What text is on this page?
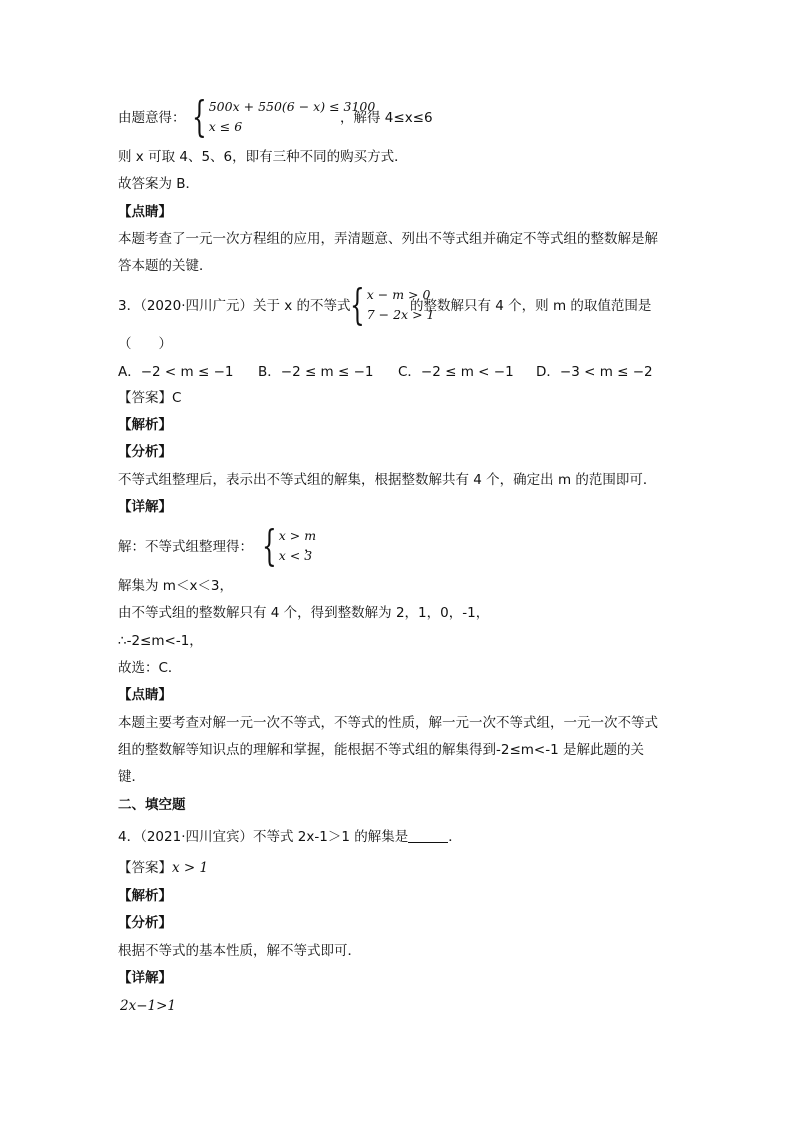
由题意得： { 500x + 550(6 − x) ≤ 3100
x ≤ 6
，解得 4≤x≤6
则 x 可取 4、5、6，即有三种不同的购买方式．
故答案为 B．
【点睛】
本题考查了一元一次方程组的应用，弄清题意、列出不等式组并确定不等式组的整数解是解
答本题的关键．
3．（2020·四川广元）关于 x 的不等式 { x − m > 0
7 − 2x > 1
的整数解只有 4 个，则 m 的取值范围是
（　　）
A．−2 < m ≤ −1 B．−2 ≤ m ≤ −1 C．−2 ≤ m < −1 D．−3 < m ≤ −2
【答案】C
【解析】
【分析】
不等式组整理后，表示出不等式组的解集，根据整数解共有 4 个，确定出 m 的范围即可．
【详解】
解：不等式组整理得： { x > m
x < 3
，
解集为 m＜x＜3，
由不等式组的整数解只有 4 个，得到整数解为 2，1，0，-1，
∴-2≤m<-1，
故选：C．
【点睛】
本题主要考查对解一元一次不等式，不等式的性质，解一元一次不等式组，一元一次不等式
组的整数解等知识点的理解和掌握，能根据不等式组的解集得到-2≤m<-1 是解此题的关
键．
二、填空题
4．（2021·四川宜宾）不等式 2x-1＞1 的解集是	．
【答案】x > 1
【解析】
【分析】
根据不等式的基本性质，解不等式即可．
【详解】
2x−1>1
